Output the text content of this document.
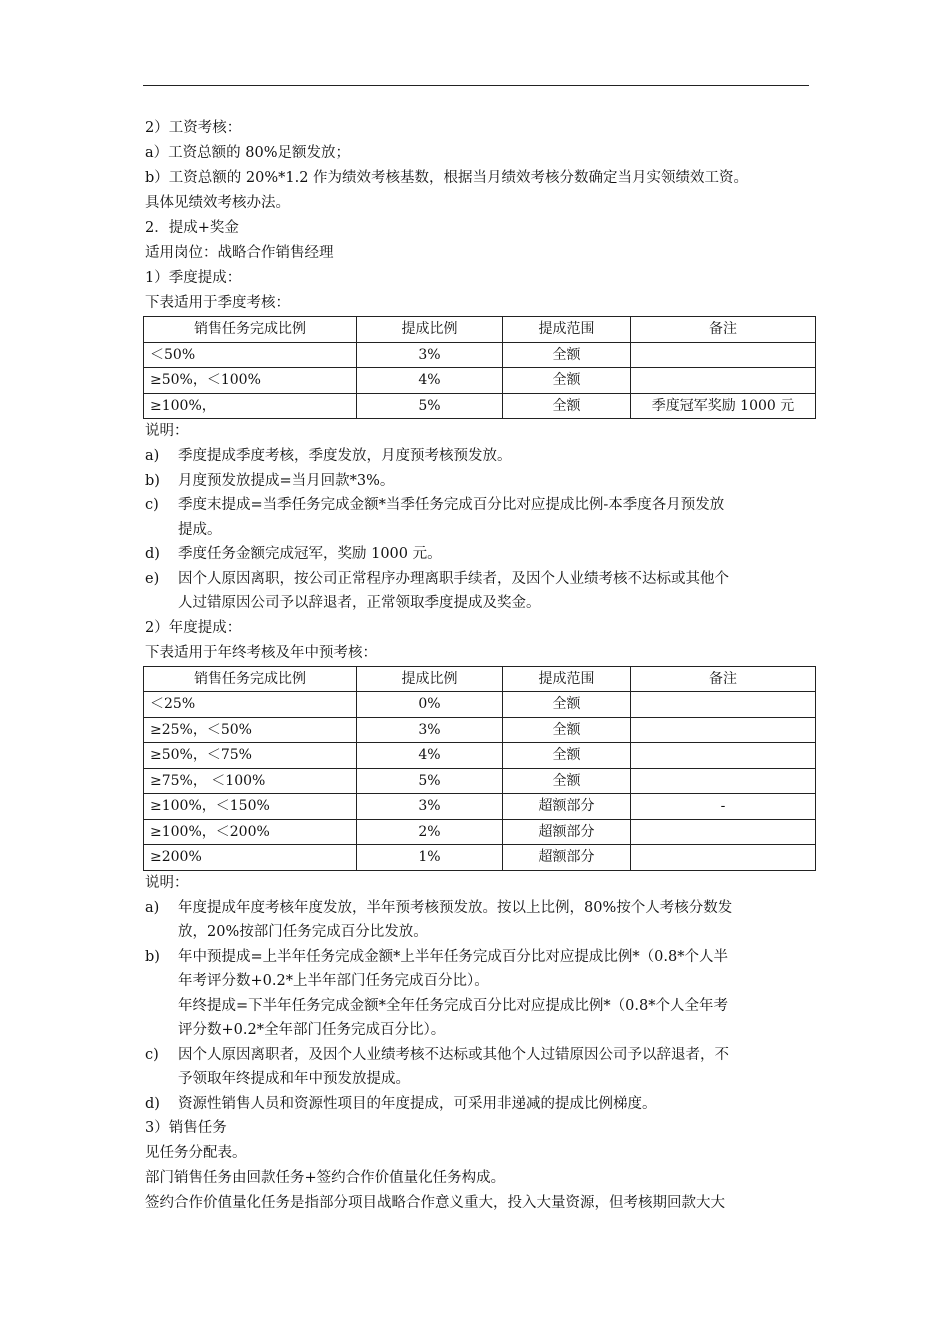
2）工资考核：
a）工资总额的 80%足额发放；
b）工资总额的 20%*1.2 作为绩效考核基数，根据当月绩效考核分数确定当月实领绩效工资。
具体见绩效考核办法。
2．提成+奖金
适用岗位：战略合作销售经理
1）季度提成：
下表适用于季度考核：
销售任务完成比例	提成比例	提成范围	备注
＜50%	3%	全额	
≥50%，＜100%	4%	全额	
≥100%，	5%	全额	季度冠军奖励 1000 元
说明：
a)	季度提成季度考核，季度发放，月度预考核预发放。
b)	月度预发放提成=当月回款*3%。
c)	季度末提成=当季任务完成金额*当季任务完成百分比对应提成比例-本季度各月预发放
提成。
d)	季度任务金额完成冠军，奖励 1000 元。
e)	因个人原因离职，按公司正常程序办理离职手续者，及因个人业绩考核不达标或其他个
人过错原因公司予以辞退者，正常领取季度提成及奖金。
2）年度提成：
下表适用于年终考核及年中预考核：
销售任务完成比例	提成比例	提成范围	备注
＜25%	0%	全额	
≥25%，＜50%	3%	全额	
≥50%，＜75%	4%	全额	
≥75%， ＜100%	5%	全额	
≥100%，＜150%	3%	超额部分	-
≥100%，＜200%	2%	超额部分	
≥200%	1%	超额部分	
说明：
a)	年度提成年度考核年度发放，半年预考核预发放。按以上比例，80%按个人考核分数发
放，20%按部门任务完成百分比发放。
b)	年中预提成=上半年任务完成金额*上半年任务完成百分比对应提成比例*（0.8*个人半
年考评分数+0.2*上半年部门任务完成百分比）。
年终提成=下半年任务完成金额*全年任务完成百分比对应提成比例*（0.8*个人全年考
评分数+0.2*全年部门任务完成百分比）。
c)	因个人原因离职者，及因个人业绩考核不达标或其他个人过错原因公司予以辞退者，不
予领取年终提成和年中预发放提成。
d)	资源性销售人员和资源性项目的年度提成，可采用非递减的提成比例梯度。
3）销售任务
见任务分配表。
部门销售任务由回款任务+签约合作价值量化任务构成。
签约合作价值量化任务是指部分项目战略合作意义重大，投入大量资源，但考核期回款大大
